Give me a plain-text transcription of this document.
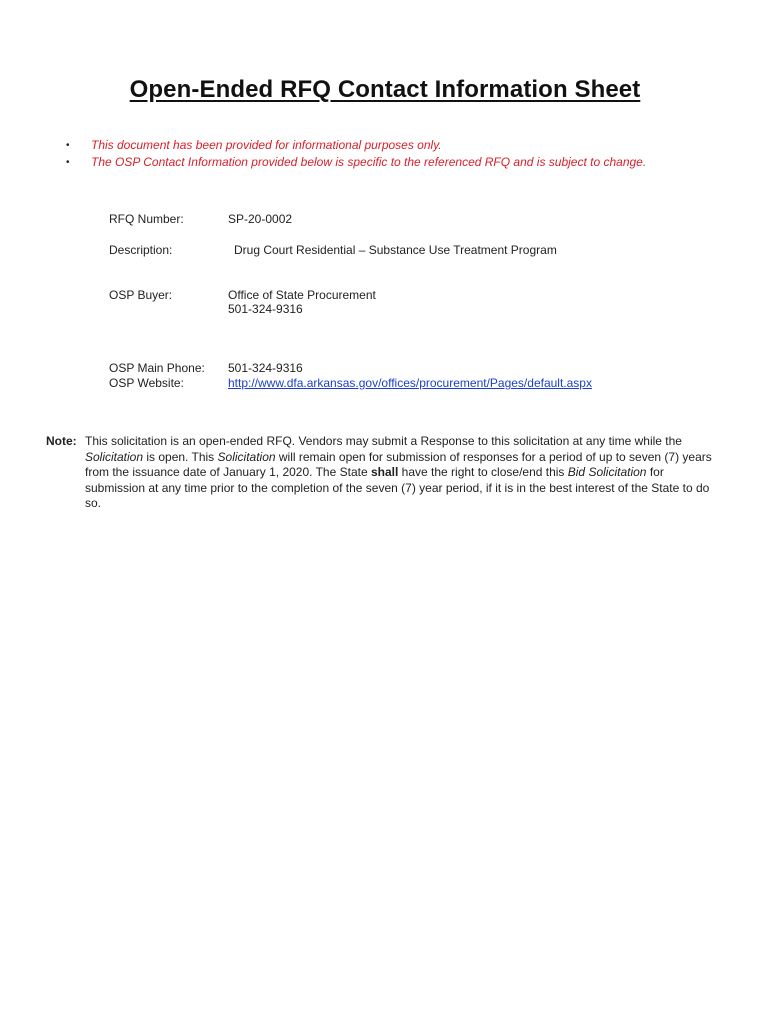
Open-Ended RFQ Contact Information Sheet
• This document has been provided for informational purposes only.
• The OSP Contact Information provided below is specific to the referenced RFQ and is subject to change.
RFQ Number:	SP-20-0002
Description:	Drug Court Residential – Substance Use Treatment Program
OSP Buyer:	Office of State Procurement
501-324-9316
OSP Main Phone: 501-324-9316
OSP Website:	http://www.dfa.arkansas.gov/offices/procurement/Pages/default.aspx
Note: This solicitation is an open-ended RFQ. Vendors may submit a Response to this solicitation at any time while the Solicitation is open. This Solicitation will remain open for submission of responses for a period of up to seven (7) years from the issuance date of January 1, 2020. The State shall have the right to close/end this Bid Solicitation for submission at any time prior to the completion of the seven (7) year period, if it is in the best interest of the State to do so.
